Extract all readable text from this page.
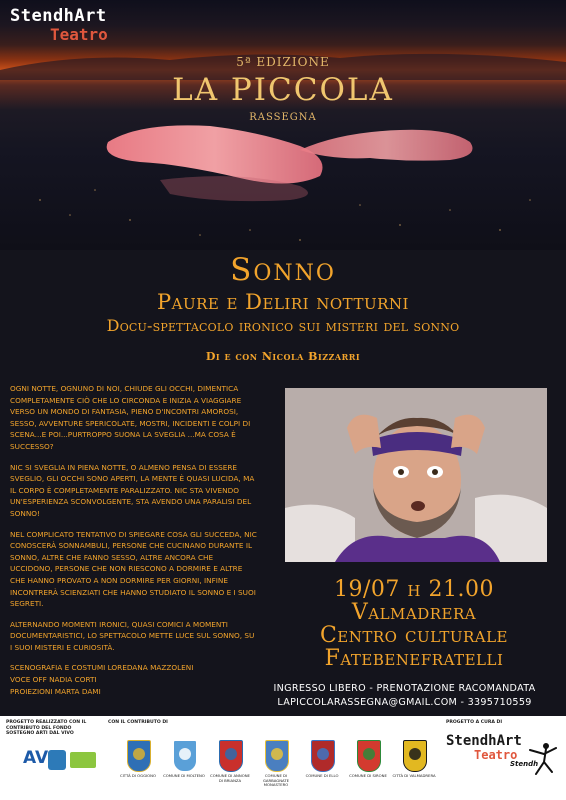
StendhArt
Teatro
5ª EDIZIONE
LA PICCOLA
RASSEGNA
Sonno
Paure e Deliri notturni
Docu-spettacolo ironico sui misteri del sonno
Di e con Nicola Bizzarri

OGNI NOTTE, OGNUNO DI NOI, CHIUDE GLI OCCHI, DIMENTICA COMPLETAMENTE CIÒ CHE LO CIRCONDA E INIZIA A VIAGGIARE VERSO UN MONDO DI FANTASIA, PIENO D'INCONTRI AMOROSI, SESSO, AVVENTURE SPERICOLATE, MOSTRI, INCIDENTI E COLPI DI SCENA...E POI...PURTROPPO SUONA LA SVEGLIA ...MA COSA È SUCCESSO?

NIC SI SVEGLIA IN PIENA NOTTE, O ALMENO PENSA DI ESSERE SVEGLIO, GLI OCCHI SONO APERTI, LA MENTE È QUASI LUCIDA, MA IL CORPO È COMPLETAMENTE PARALIZZATO. NIC STA VIVENDO UN'ESPERIENZA SCONVOLGENTE, STA AVENDO UNA PARALISI DEL SONNO!

NEL COMPLICATO TENTATIVO DI SPIEGARE COSA GLI SUCCEDA, NIC CONOSCERÀ SONNAMBULI, PERSONE CHE CUCINANO DURANTE IL SONNO, ALTRE CHE FANNO SESSO, ALTRE ANCORA CHE UCCIDONO, PERSONE CHE NON RIESCONO A DORMIRE E ALTRE CHE HANNO PROVATO A NON DORMIRE PER GIORNI, INFINE INCONTRERÀ SCIENZIATI CHE HANNO STUDIATO IL SONNO E I SUOI SEGRETI.

ALTERNANDO MOMENTI IRONICI, QUASI COMICI A MOMENTI DOCUMENTARISTICI, LO SPETTACOLO METTE LUCE SUL SONNO, SU I SUOI MISTERI E CURIOSITÀ.

SCENOGRAFIA E COSTUMI LOREDANA MAZZOLENI
VOCE OFF NADIA CORTI
PROIEZIONI MARTA DAMI

19/07 h 21.00
Valmadrera
Centro culturale
Fatebenefratelli
INGRESSO LIBERO - PRENOTAZIONE RACOMANDATA
LAPICCOLARASSEGNA@GMAIL.COM - 3395710559
PROGETTO REALIZZATO CON IL CONTRIBUTO DEL FONDO SOSTEGNO ARTI DAL VIVO
AV
CON IL CONTRIBUTO DI
CITTÀ DI OGGIONO	COMUNE DI MOLTENO	COMUNE DI ANNONE DI BRIANZA
COMUNE DI GARBAGNATE MONASTERO
COMUNE DI ELLO	COMUNE DI SIRONE	CITTÀ DI VALMADRERA
PROGETTO A CURA DI
StendhArt
Teatro
Stendh
